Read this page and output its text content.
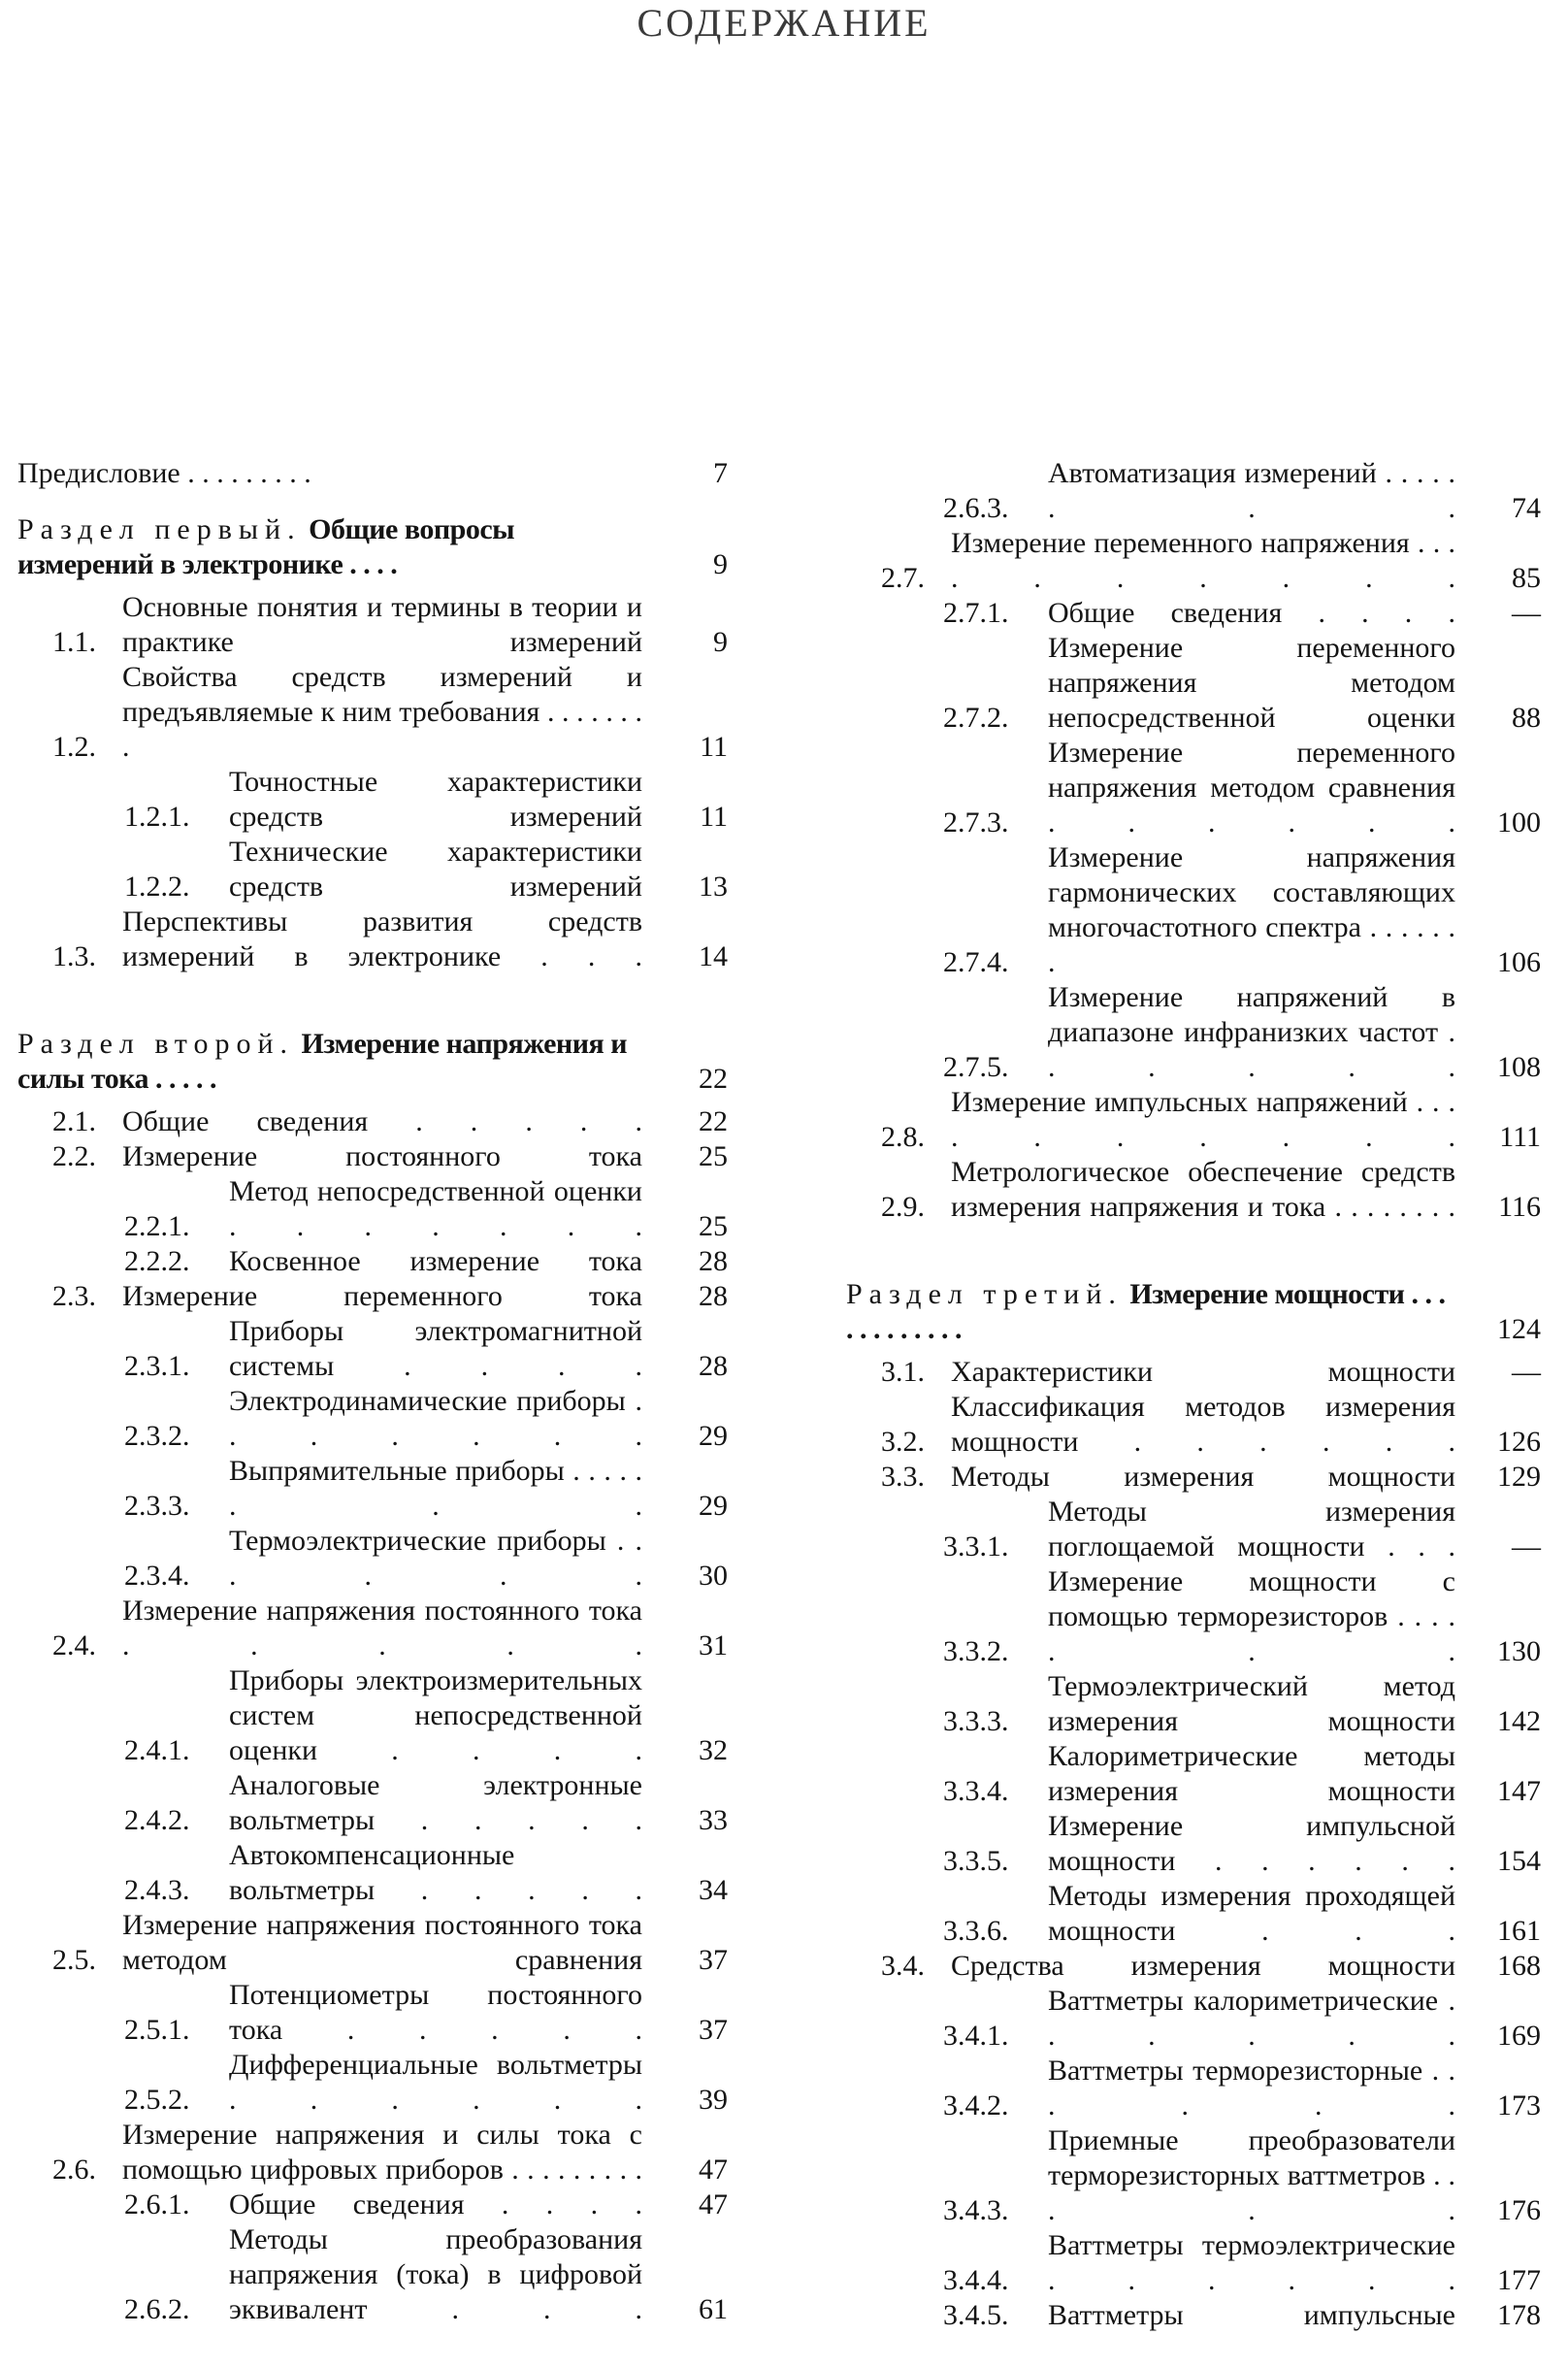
СОДЕРЖАНИЕ
Предисловие . . . . . . . . .	7
Раздел первый. Общие вопросы измерений в электронике . . . .	9
1.1.
Основные понятия и термины в теории и практике измерений	9
1.2.
Свойства средств измерений и предъявляемые к ним требования . . . . . . . .	11
1.2.1.
Точностные характеристики средств измерений	11
1.2.2.
Технические характеристики средств измерений	13
1.3.
Перспективы развития средств измерений в электронике . . .	14
Раздел второй. Измерение напряжения и силы тока . . . . .	22
2.1. Общие сведения . . . . .	22
2.2. Измерение постоянного тока	25
2.2.1.
Метод непосредственной оценки . . . . . . .	25
2.2.2.	Косвенное измерение тока	28
2.3. Измерение переменного тока	28
2.3.1.
Приборы электромагнитной системы . . . .	28
2.3.2.
Электродинамические приборы . . . . . . .	29
2.3.3.
Выпрямительные приборы . . . . . . . .	29
2.3.4.
Термоэлектрические приборы . . . . . .	30
2.4.
Измерение напряжения постоянного тока . . . . .	31
2.4.1.
Приборы электроизмерительных систем непосредственной оценки . . . .	32
2.4.2.
Аналоговые электронные вольтметры . . . . .	33
2.4.3.
Автокомпенсационные вольтметры . . . . .	34
2.5.
Измерение напряжения постоянного тока методом сравнения	37
2.5.1.
Потенциометры постоянного тока . . . . .	37
2.5.2.
Дифференциальные вольтметры . . . . . .	39
2.6.
Измерение напряжения и силы тока с помощью цифровых приборов . . . . . . . . .	47
2.6.1.	Общие сведения . . . .	47
2.6.2.
Методы преобразования напряжения (тока) в цифровой эквивалент . . .	61
2.6.3.
Автоматизация измерений . . . . . . . .	74
2.7.
Измерение переменного напряжения . . . . . . . . . .	85
2.7.1.	Общие сведения . . . .	—
2.7.2.
Измерение переменного напряжения методом непосредственной оценки	88
2.7.3.
Измерение переменного напряжения методом сравнения . . . . . .	100
2.7.4.
Измерение напряжения гармонических составляющих многочастотного спектра . . . . . . .	106
2.7.5.
Измерение напряжений в диапазоне инфранизких частот . . . . . .	108
2.8.
Измерение импульсных напряжений . . . . . . . . . .	111
2.9.
Метрологическое обеспечение средств измерения напряжения и тока . . . . . . . .	116
Раздел третий. Измерение мощности . . . . . . . . . . . .	124
3.1. Характеристики мощности	—
3.2.
Классификация методов измерения мощности . . . . . .	126
3.3. Методы измерения мощности	129
3.3.1.
Методы измерения поглощаемой мощности . . .	—
3.3.2.
Измерение мощности с помощью терморезисторов . . . . . . .	130
3.3.3.
Термоэлектрический метод измерения мощности	142
3.3.4.
Калориметрические методы измерения мощности	147
3.3.5.
Измерение импульсной мощности . . . . . .	154
3.3.6.
Методы измерения проходящей мощности . . .	161
3.4. Средства измерения мощности	168
3.4.1.
Ваттметры калориметрические . . . . . .	169
3.4.2.
Ваттметры терморезисторные . . . . . .	173
3.4.3.
Приемные преобразователи терморезисторных ваттметров . . . . .	176
3.4.4.
Ваттметры термоэлектрические . . . . . .	177
3.4.5.	Ваттметры импульсные	178
